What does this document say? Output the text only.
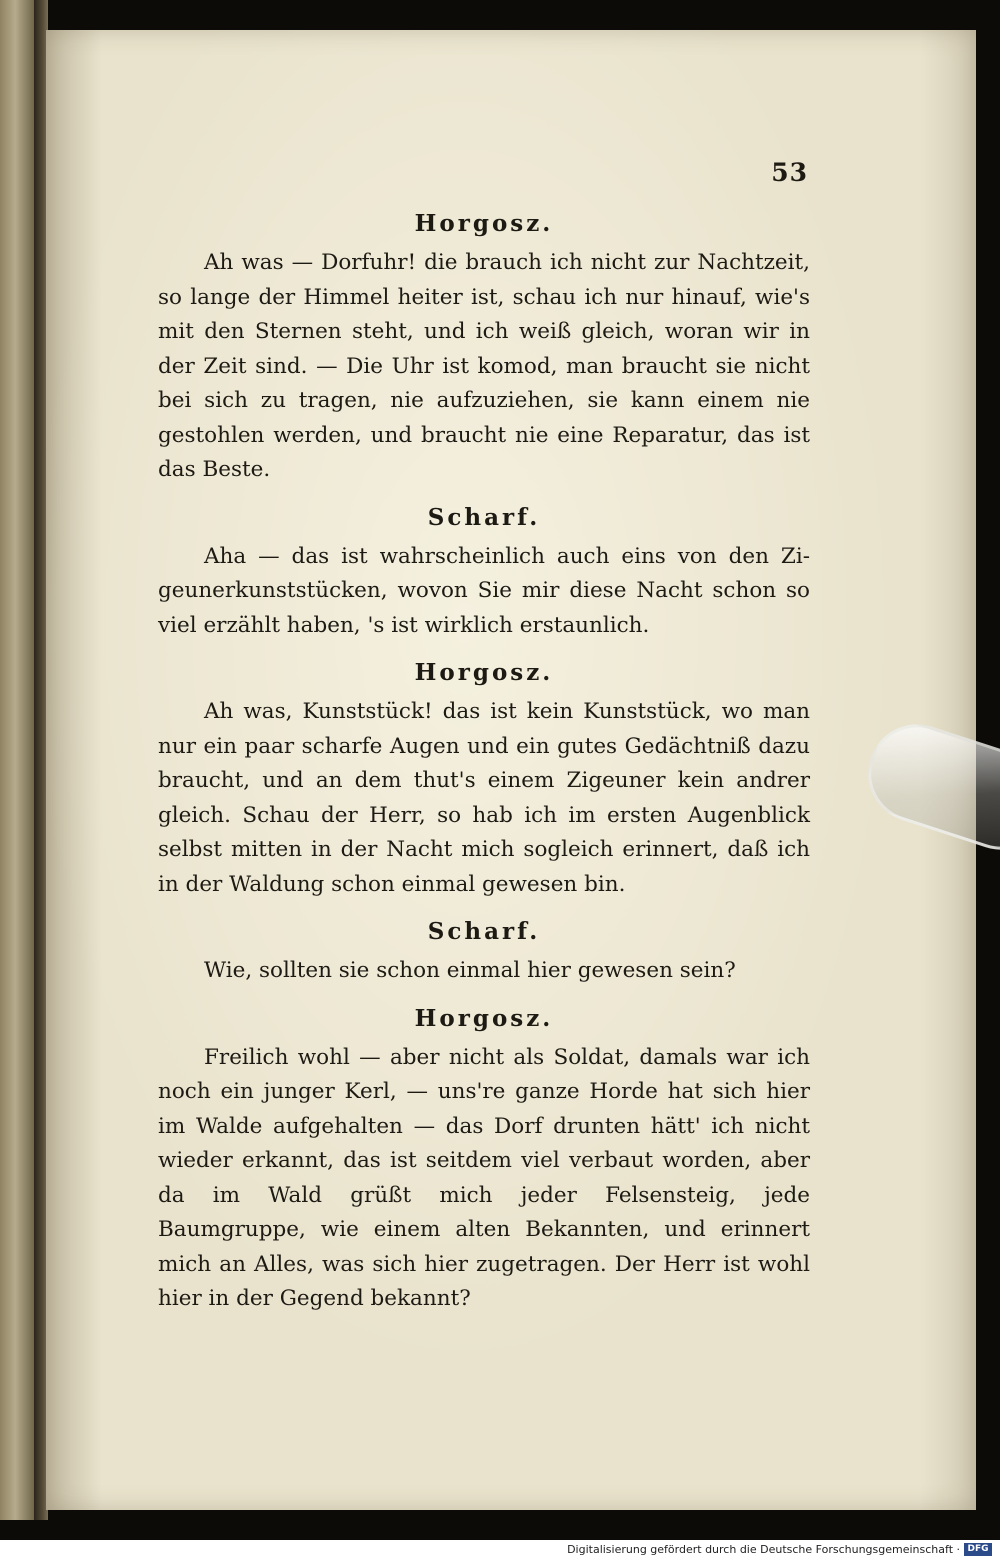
53
Horgosz.

Ah was — Dorfuhr! die brauch ich nicht zur Nachtzeit, so lange der Himmel heiter ist, schau ich nur hinauf, wie's mit den Sternen steht, und ich weiß gleich, woran wir in der Zeit sind. — Die Uhr ist komod, man braucht sie nicht bei sich zu tragen, nie aufzuziehen, sie kann einem nie gestohlen werden, und braucht nie eine Reparatur, das ist das Beste.

Scharf.

Aha — das ist wahrscheinlich auch eins von den Zigeunerkunststücken, wovon Sie mir diese Nacht schon so viel erzählt haben, 's ist wirklich erstaunlich.

Horgosz.

Ah was, Kunststück! das ist kein Kunststück, wo man nur ein paar scharfe Augen und ein gutes Gedächtniß dazu braucht, und an dem thut's einem Zigeuner kein andrer gleich. Schau der Herr, so hab ich im ersten Augenblick selbst mitten in der Nacht mich sogleich erinnert, daß ich in der Waldung schon einmal gewesen bin.

Scharf.

Wie, sollten sie schon einmal hier gewesen sein?

Horgosz.

Freilich wohl — aber nicht als Soldat, damals war ich noch ein junger Kerl, — uns're ganze Horde hat sich hier im Walde aufgehalten — das Dorf drunten hätt' ich nicht wieder erkannt, das ist seitdem viel verbaut worden, aber da im Wald grüßt mich jeder Felsensteig, jede Baumgruppe, wie einem alten Bekannten, und erinnert mich an Alles, was sich hier zugetragen. Der Herr ist wohl hier in der Gegend bekannt?

Digitalisierung gefördert durch die Deutsche Forschungsgemeinschaft · DFG
